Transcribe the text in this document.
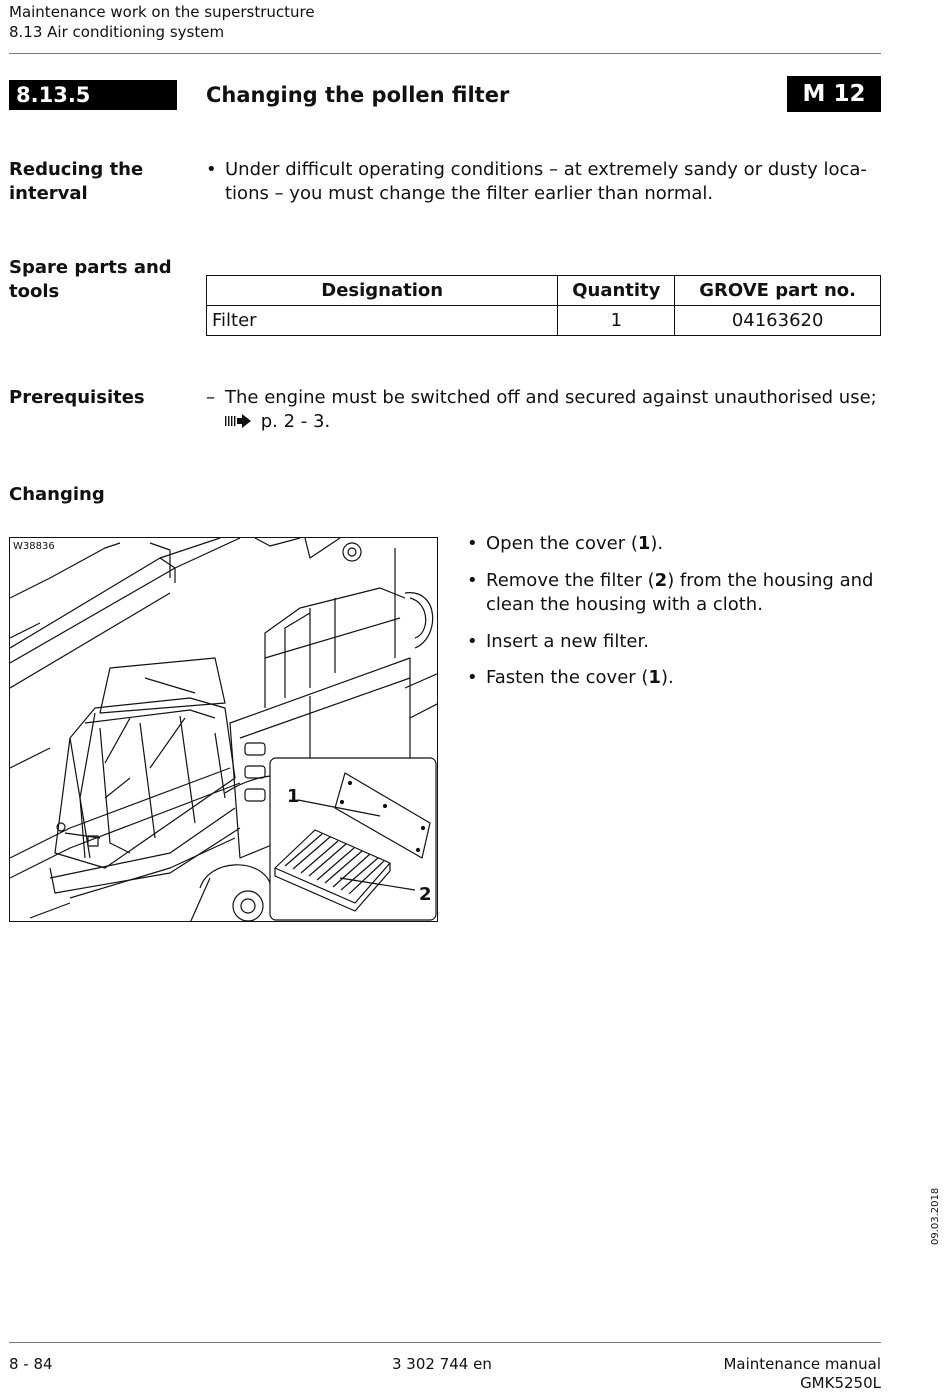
Maintenance work on the superstructure
8.13 Air conditioning system
8.13.5	Changing the pollen filter	M 12
Reducing the
interval
• Under difficult operating conditions – at extremely sandy or dusty loca-
tions – you must change the filter earlier than normal.
Spare parts and
tools	Designation	Quantity	GROVE part no.
Filter	1	04163620
Prerequisites	– The engine must be switched off and secured against unauthorised use;
p. 2 - 3.
Changing
W38836
1
2
• Open the cover (1).
• Remove the filter (2) from the housing and
clean the housing with a cloth.
• Insert a new filter.
• Fasten the cover (1).
8 - 84	3 302 744 en	Maintenance manual
GMK5250L
09.03.2018
